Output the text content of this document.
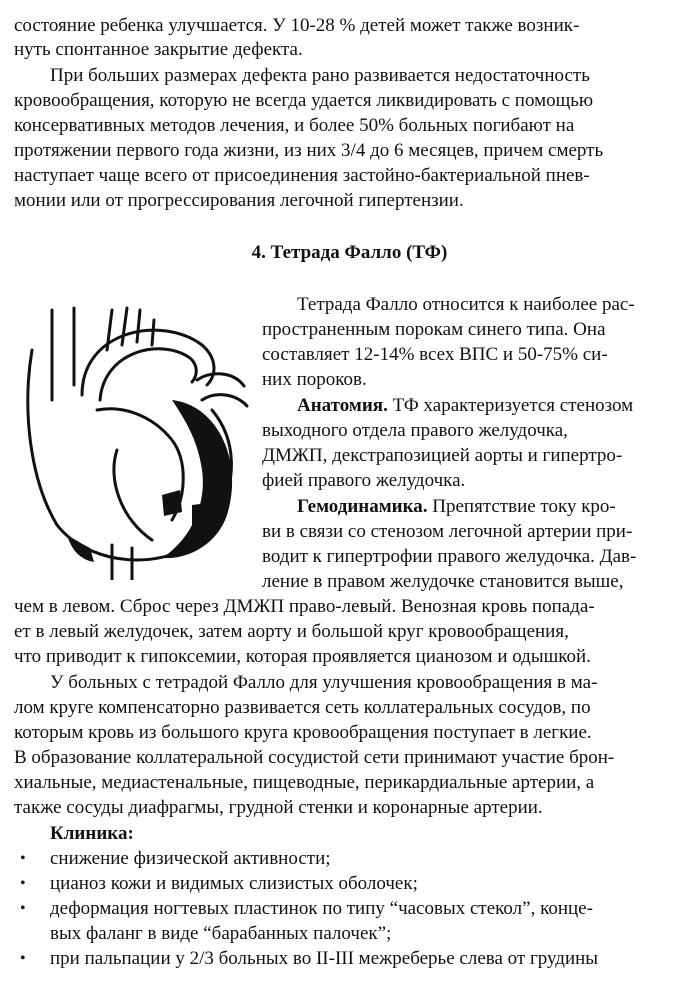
состояние ребенка улучшается. У 10-28 % детей может также возник-
нуть спонтанное закрытие дефекта.
При больших размерах дефекта рано развивается недостаточность
кровообращения, которую не всегда удается ликвидировать с помощью
консервативных методов лечения, и более 50% больных погибают на
протяжении первого года жизни, из них 3/4 до 6 месяцев, причем смерть
наступает чаще всего от присоединения застойно-бактериальной пнев-
монии или от прогрессирования легочной гипертензии.
4. Тетрада Фалло (ТФ)
Тетрада Фалло относится к наиболее рас-
пространенным порокам синего типа. Она
составляет 12-14% всех ВПС и 50-75% си-
них пороков.
Анатомия. ТФ характеризуется стенозом
выходного отдела правого желудочка,
ДМЖП, декстрапозицией аорты и гипертро-
фией правого желудочка.
Гемодинамика. Препятствие току кро-
ви в связи со стенозом легочной артерии при-
водит к гипертрофии правого желудочка. Дав-
ление в правом желудочке становится выше,
чем в левом. Сброс через ДМЖП право-левый. Венозная кровь попада-
ет в левый желудочек, затем аорту и большой круг кровообращения,
что приводит к гипоксемии, которая проявляется цианозом и одышкой.
У больных с тетрадой Фалло для улучшения кровообращения в ма-
лом круге компенсаторно развивается сеть коллатеральных сосудов, по
которым кровь из большого круга кровообращения поступает в легкие.
В образование коллатеральной сосудистой сети принимают участие брон-
хиальные, медиастенальные, пищеводные, перикардиальные артерии, а
также сосуды диафрагмы, грудной стенки и коронарные артерии.
Клиника:
• снижение физической активности;
• цианоз кожи и видимых слизистых оболочек;
• деформация ногтевых пластинок по типу “часовых стекол”, конце-
вых фаланг в виде “барабанных палочек”;
• при пальпации у 2/3 больных во II-III межреберье слева от грудины
